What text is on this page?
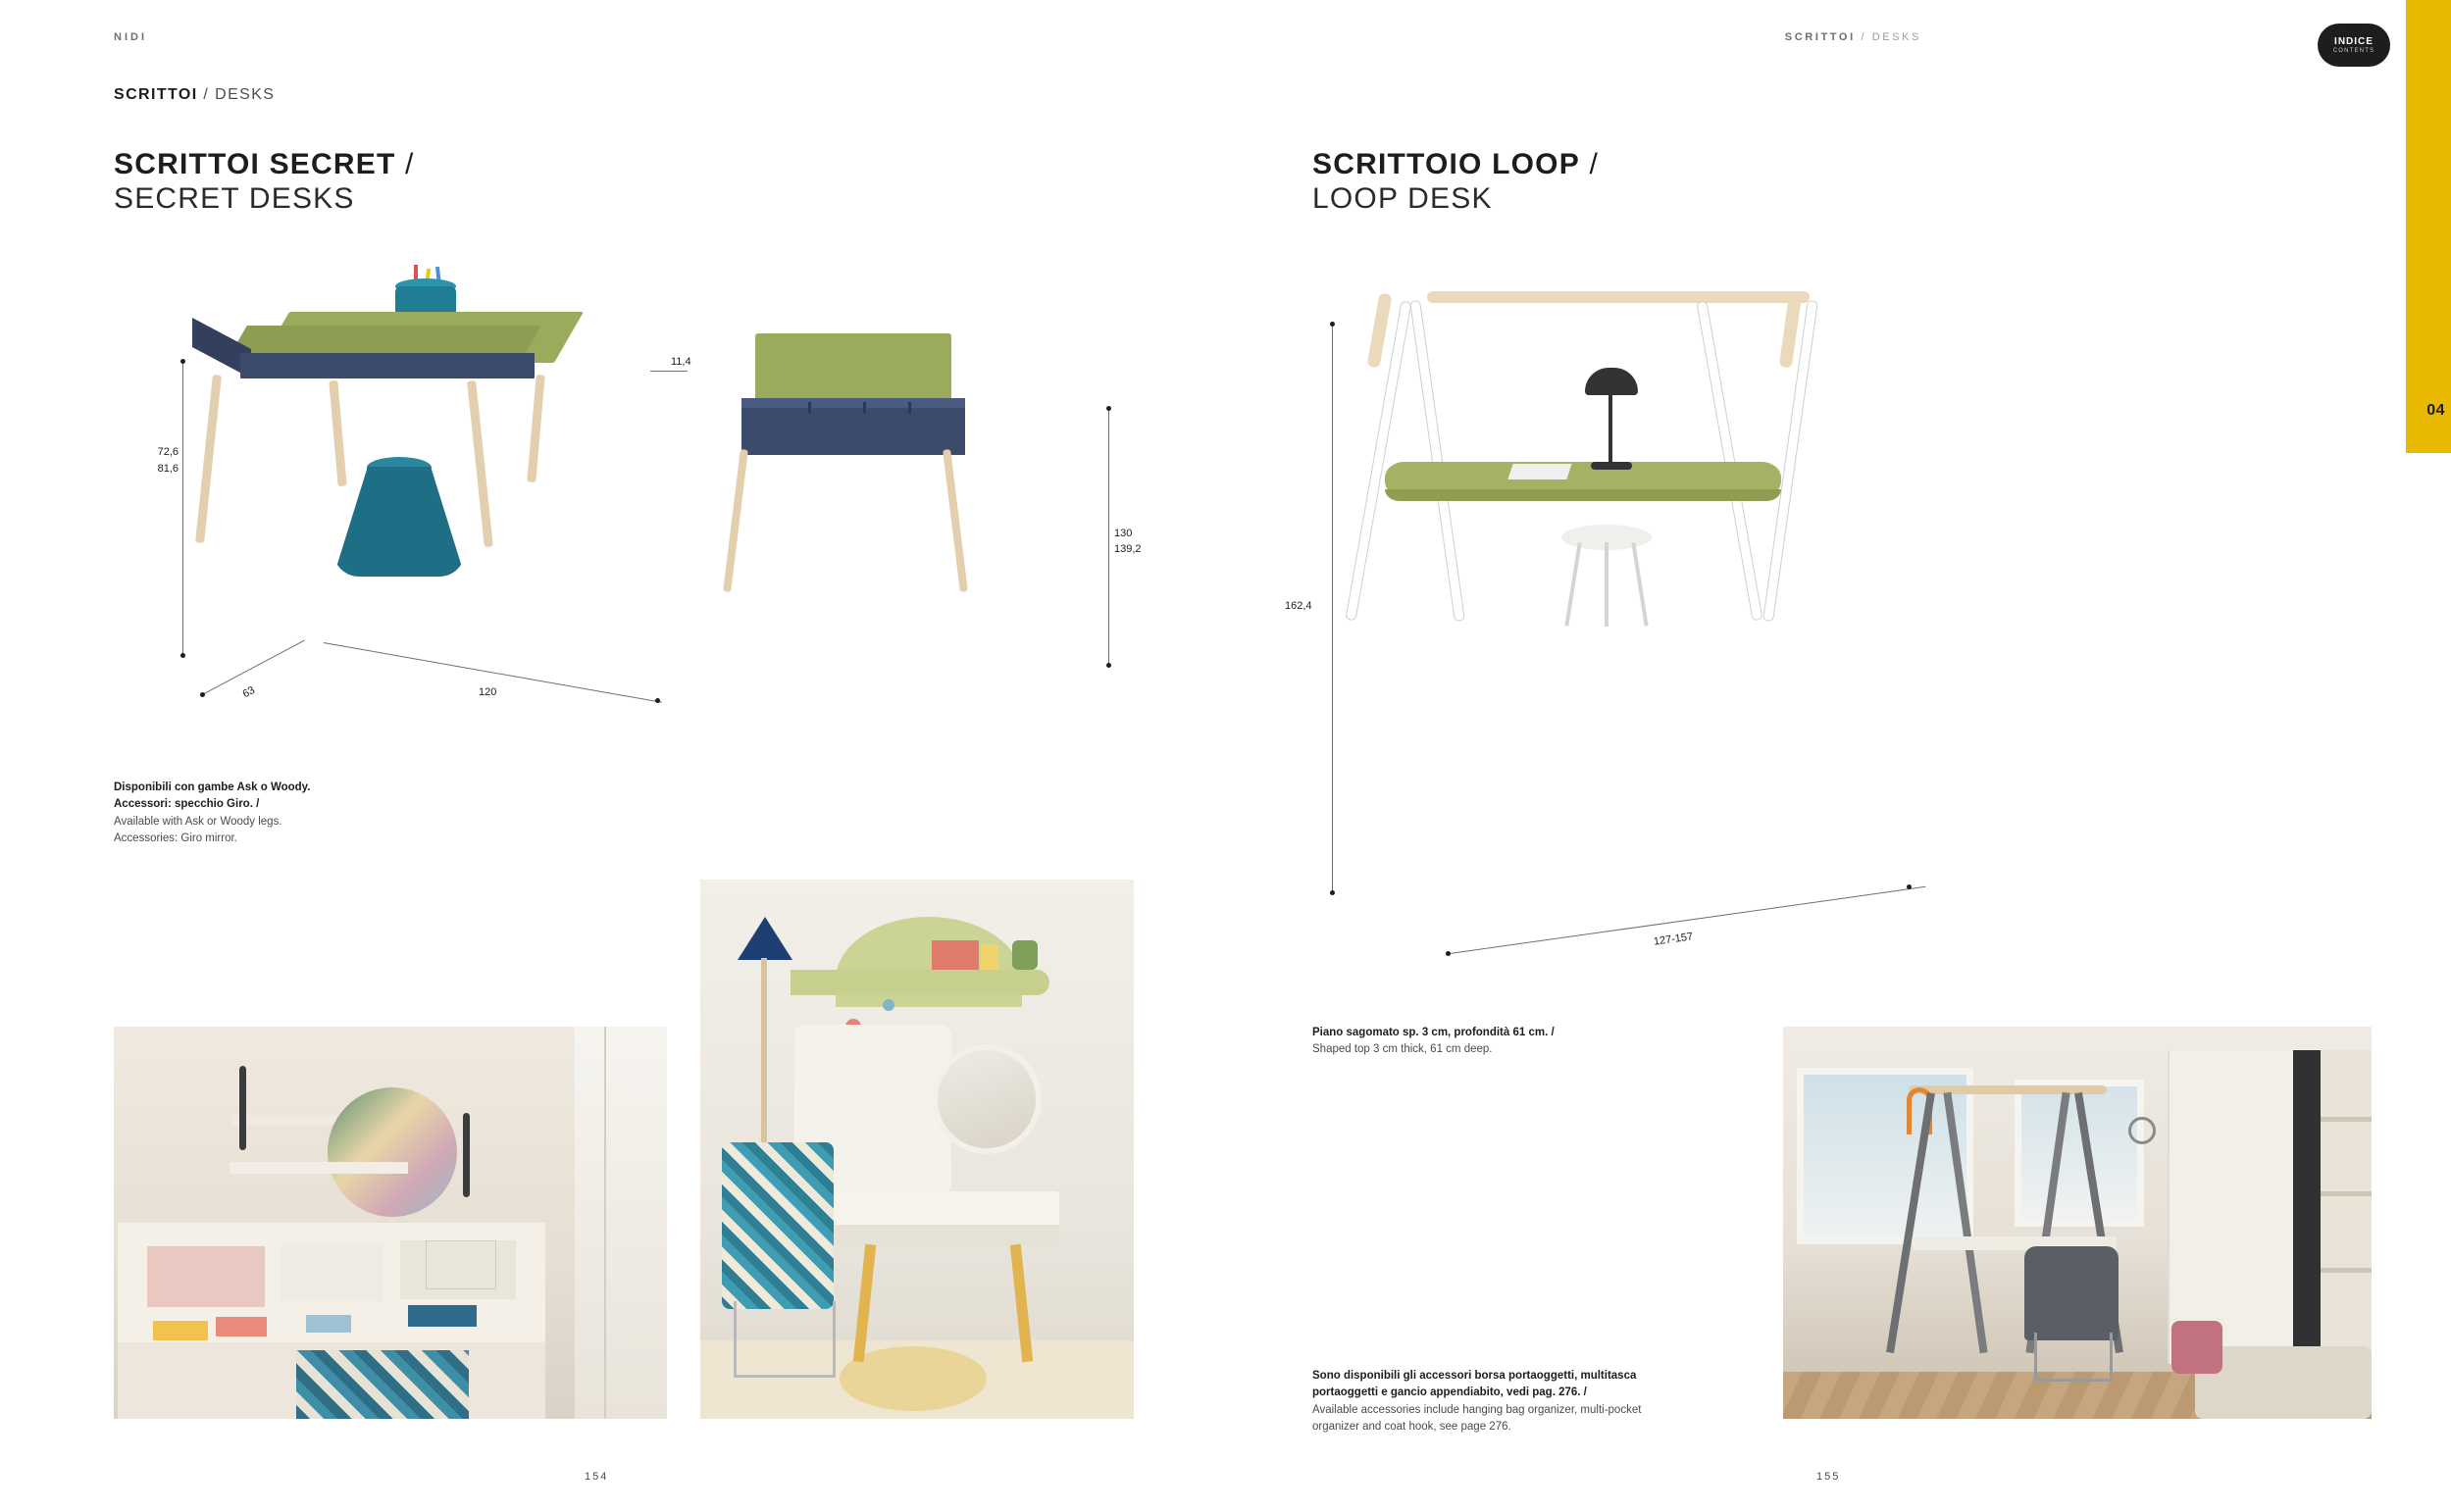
NIDI	SCRITTOI / DESKS
SCRITTOI / DESKS
04
INDICE
CONTENTS
SCRITTOI SECRET /
SECRET DESKS
SCRITTOIO LOOP /
LOOP DESK
11,4
72,6
81,6
63	120
130
139,2
Disponibili con gambe Ask o Woody.
Accessori: specchio Giro. /
Available with Ask or Woody legs.
Accessories: Giro mirror.
162,4
127-157
Piano sagomato sp. 3 cm, profondità 61 cm. /
Shaped top 3 cm thick, 61 cm deep.
Sono disponibili gli accessori borsa portaoggetti, multitasca
portaoggetti e gancio appendiabito, vedi pag. 276. /
Available accessories include hanging bag organizer, multi-pocket
organizer and coat hook, see page 276.
154	155
